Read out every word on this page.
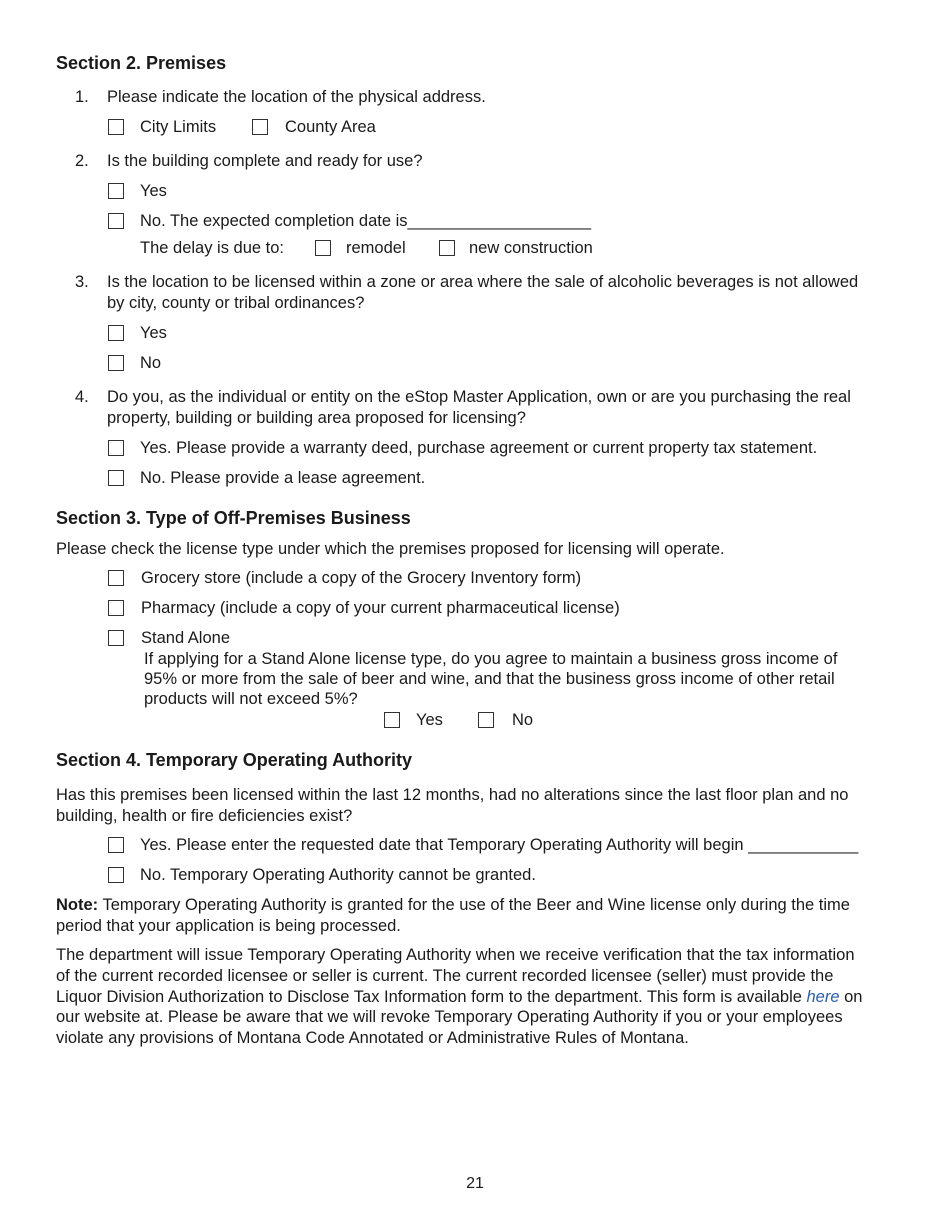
Section 2. Premises
1. Please indicate the location of the physical address.
City Limits	County Area
2. Is the building complete and ready for use?
Yes
No. The expected completion date is____________________
The delay is due to:	remodel	new construction
3. Is the location to be licensed within a zone or area where the sale of alcoholic beverages is not allowed
by city, county or tribal ordinances?
Yes
No
4. Do you, as the individual or entity on the eStop Master Application, own or are you purchasing the real
property, building or building area proposed for licensing?
Yes. Please provide a warranty deed, purchase agreement or current property tax statement.
No. Please provide a lease agreement.
Section 3. Type of Off-Premises Business
Please check the license type under which the premises proposed for licensing will operate.
Grocery store (include a copy of the Grocery Inventory form)
Pharmacy (include a copy of your current pharmaceutical license)
Stand Alone
If applying for a Stand Alone license type, do you agree to maintain a business gross income of
95% or more from the sale of beer and wine, and that the business gross income of other retail
products will not exceed 5%?
Yes	No
Section 4. Temporary Operating Authority
Has this premises been licensed within the last 12 months, had no alterations since the last floor plan and no
building, health or fire deficiencies exist?
Yes. Please enter the requested date that Temporary Operating Authority will begin ____________
No. Temporary Operating Authority cannot be granted.
Note: Temporary Operating Authority is granted for the use of the Beer and Wine license only during the time
period that your application is being processed.
The department will issue Temporary Operating Authority when we receive verification that the tax information
of the current recorded licensee or seller is current. The current recorded licensee (seller) must provide the
Liquor Division Authorization to Disclose Tax Information form to the department. This form is available here on
our website at. Please be aware that we will revoke Temporary Operating Authority if you or your employees
violate any provisions of Montana Code Annotated or Administrative Rules of Montana.
21
